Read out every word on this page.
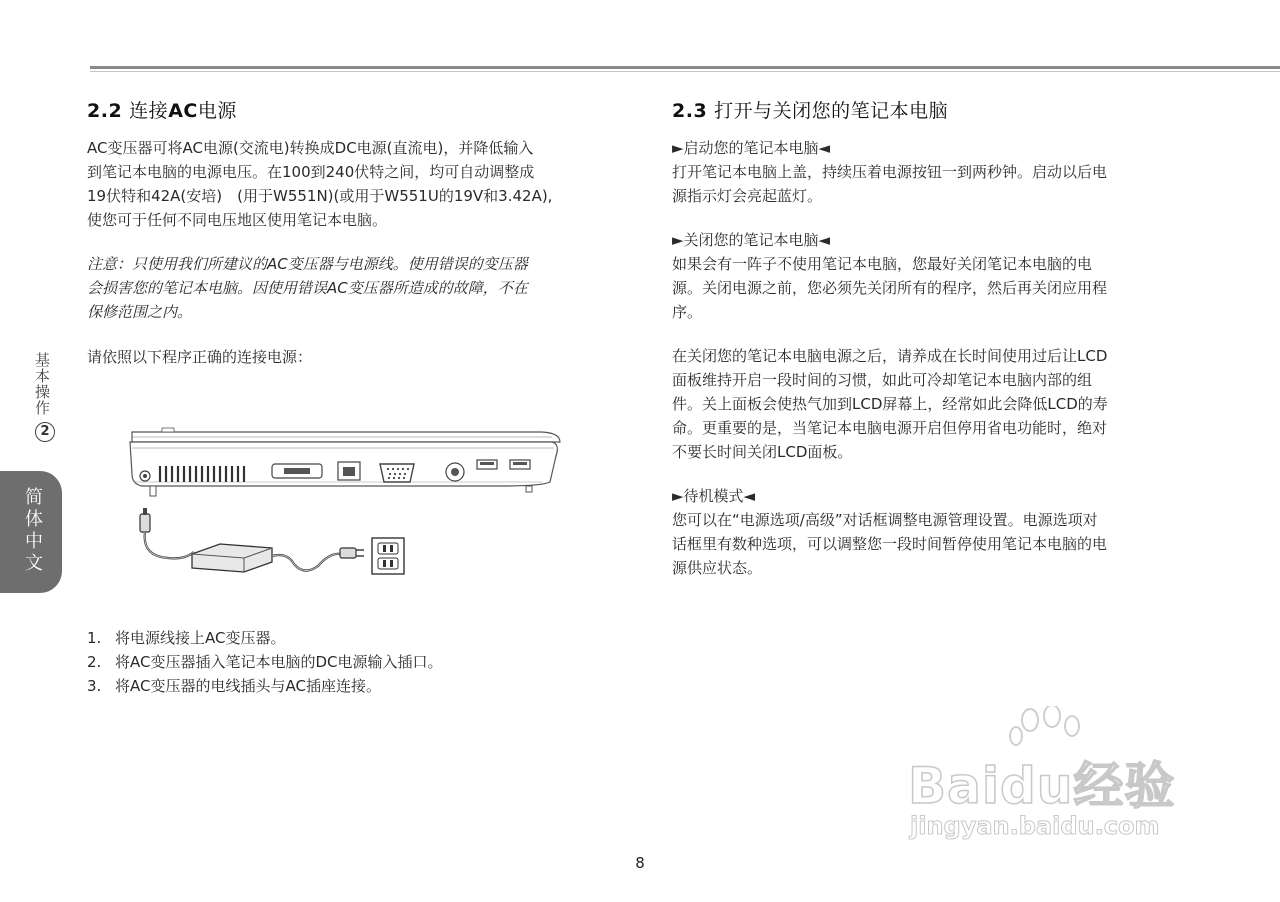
2.2 连接AC电源

AC变压器可将AC电源(交流电)转换成DC电源(直流电)，并降低输入
到笔记本电脑的电源电压。在100到240伏特之间，均可自动调整成
19伏特和42A(安培)　(用于W551N)(或用于W551U的19V和3.42A),
使您可于任何不同电压地区使用笔记本电脑。

注意：只使用我们所建议的AC变压器与电源线。使用错误的变压器
会损害您的笔记本电脑。因使用错误AC变压器所造成的故障，不在
保修范围之内。

请依照以下程序正确的连接电源：

1. 将电源线接上AC变压器。
2. 将AC变压器插入笔记本电脑的DC电源输入插口。
3. 将AC变压器的电线插头与AC插座连接。
2.3 打开与关闭您的笔记本电脑

►启动您的笔记本电脑◄

打开笔记本电脑上盖，持续压着电源按钮一到两秒钟。启动以后电
源指示灯会亮起蓝灯。

►关闭您的笔记本电脑◄

如果会有一阵子不使用笔记本电脑，您最好关闭笔记本电脑的电
源。关闭电源之前，您必须先关闭所有的程序，然后再关闭应用程
序。

在关闭您的笔记本电脑电源之后，请养成在长时间使用过后让LCD
面板维持开启一段时间的习惯，如此可冷却笔记本电脑内部的组
件。关上面板会使热气加到LCD屏幕上，经常如此会降低LCD的寿
命。更重要的是，当笔记本电脑电源开启但停用省电功能时，绝对
不要长时间关闭LCD面板。

►待机模式◄

您可以在“电源选项/高级”对话框调整电源管理设置。电源选项对
话框里有数种选项，可以调整您一段时间暂停使用笔记本电脑的电
源供应状态。

基本操作
2
简体中文
8
Baidu经验
jingyan.baidu.com
